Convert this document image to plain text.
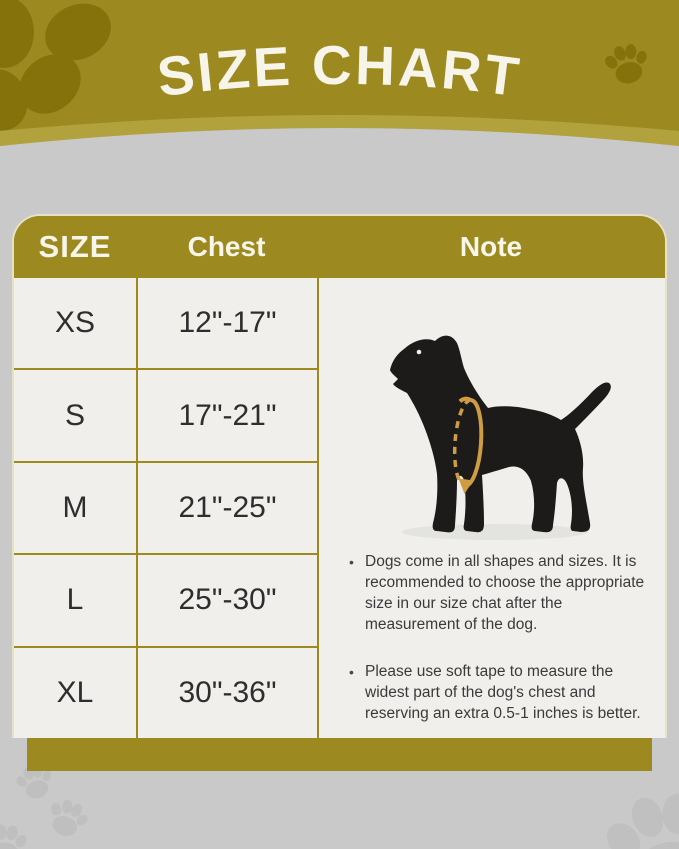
SIZE CHART
SIZE	Chest	Note
XS	12"-17"
S	17"-21"
M	21"-25"
L	25"-30"
XL	30"-36"
• Dogs come in all shapes and sizes. It is recommended to choose the appropriate size in our size chat after the measurement of the dog.
• Please use soft tape to measure the widest part of the dog's chest and reserving an extra 0.5-1 inches is better.
